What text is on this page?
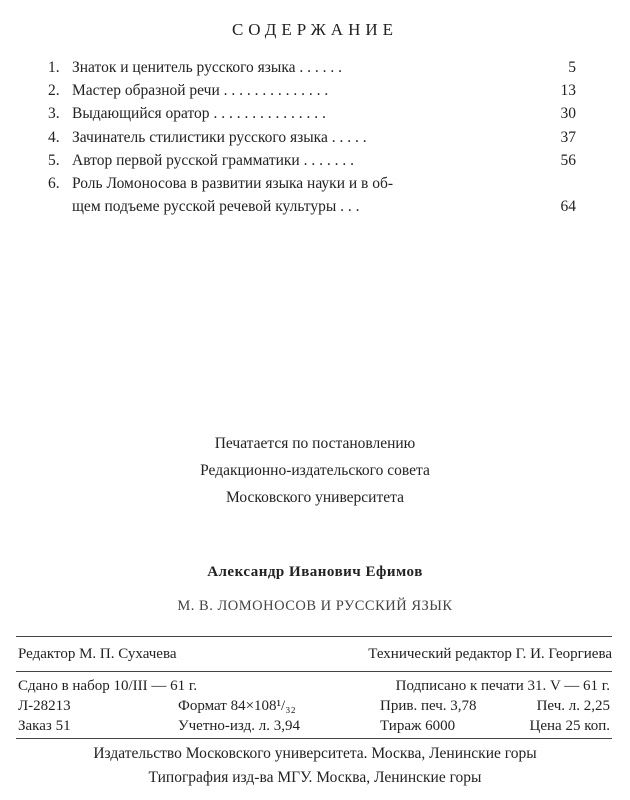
СОДЕРЖАНИЕ
1. Знаток и ценитель русского языка . . . . . .	5
2. Мастер образной речи . . . . . . . . . . . . . .	13
3. Выдающийся оратор . . . . . . . . . . . . . . .	30
4. Зачинатель стилистики русского языка . . . . .	37
5. Автор первой русской грамматики . . . . . . .	56
6. Роль Ломоносова в развитии языка науки и в об-
щем подъеме русской речевой культуры . . .	64
Печатается по постановлению
Редакционно-издательского совета
Московского университета
Александр Иванович Ефимов
М. В. ЛОМОНОСОВ И РУССКИЙ ЯЗЫК
Редактор М. П. Сухачева	Технический редактор Г. И. Георгиева
Сдано в набор 10/III — 61 г.	Подписано к печати 31. V — 61 г.
Л-28213	Формат 84×108¹/₃₂	Прив. печ. 3,78	Печ. л. 2,25
Заказ 51	Учетно-изд. л. 3,94	Тираж 6000	Цена 25 коп.
Издательство Московского университета. Москва, Ленинские горы
Типография изд-ва МГУ. Москва, Ленинские горы
